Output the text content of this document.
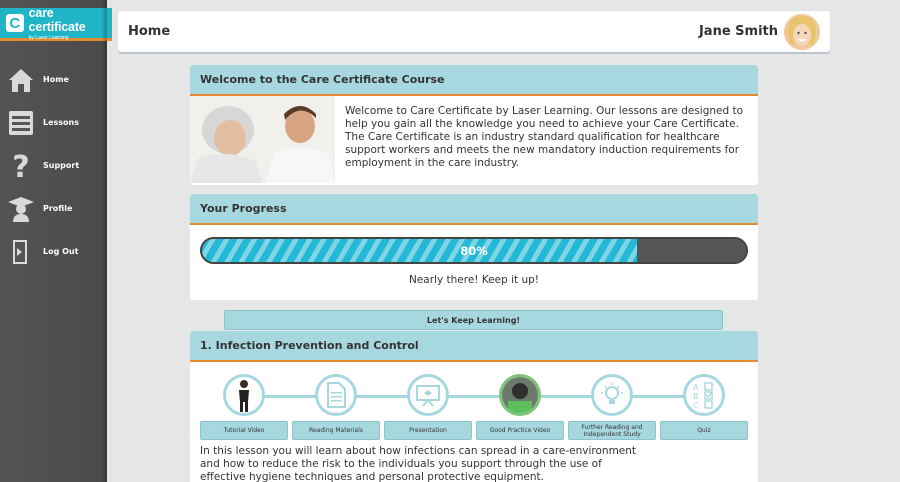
C
care certificate
by Laser Learning
Home
Lessons
? Support
Profile
Log Out
Home	Jane Smith
Welcome to the Care Certificate Course
Welcome to Care Certificate by Laser Learning. Our lessons are designed to help you gain all the knowledge you need to achieve your Care Certificate. The Care Certificate is an industry standard qualification for healthcare support workers and meets the new mandatory induction requirements for employment in the care industry.
Your Progress
80%
Nearly there! Keep it up!
Let's Keep Learning!
1. Infection Prevention and Control
Tutorial Video	Reading Materials	Presentation	Good Practice Video	Further Reading and Independent Study
A
B
C
Quiz
In this lesson you will learn about how infections can spread in a care-environment and how to reduce the risk to the individuals you support through the use of effective hygiene techniques and personal protective equipment.
